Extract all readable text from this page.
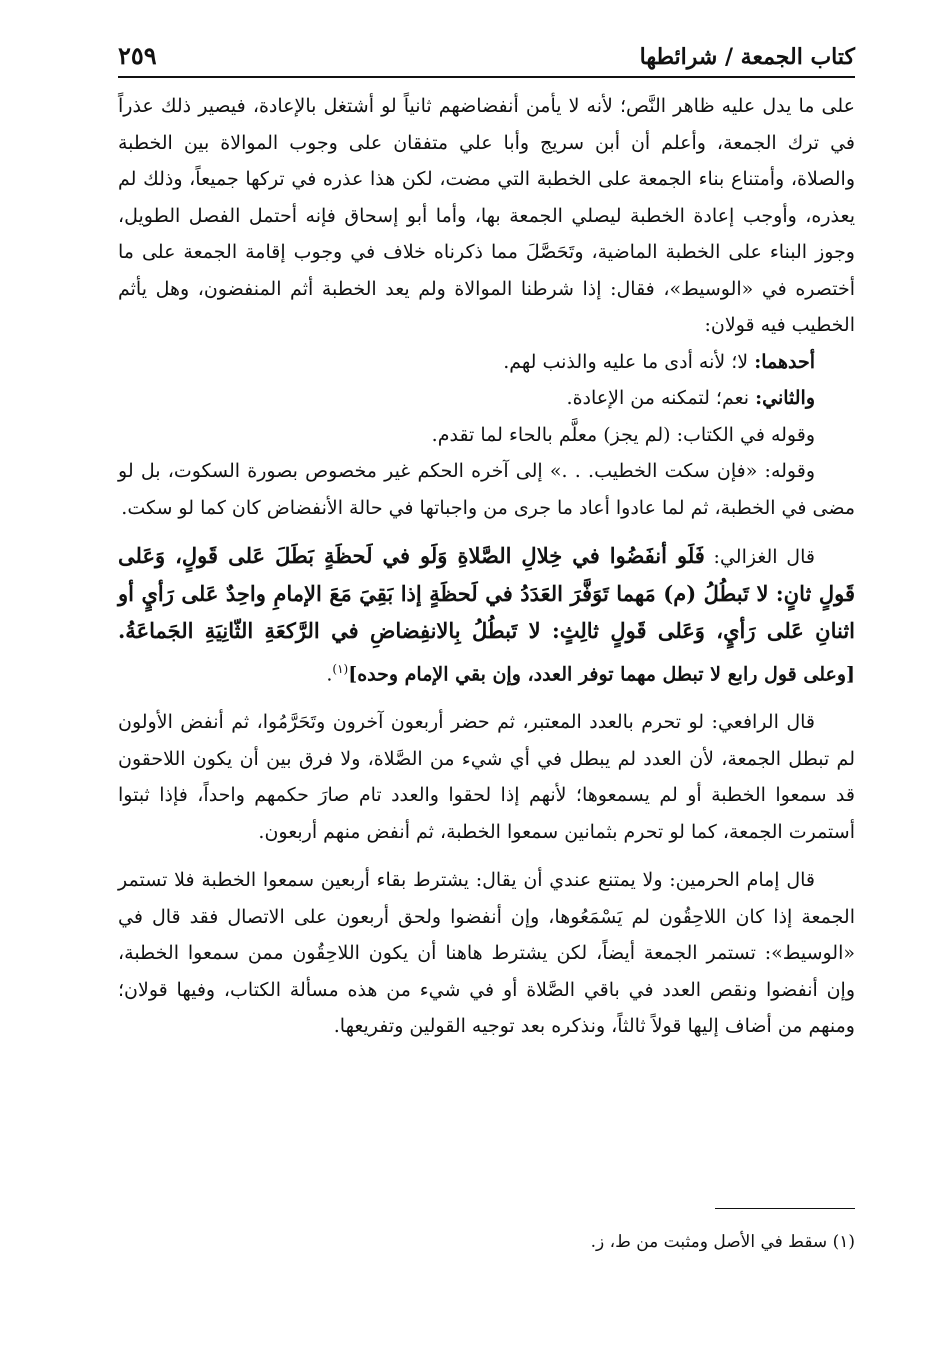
كتاب الجمعة / شرائطها
٢٥٩

على ما يدل عليه ظاهر النَّص؛ لأنه لا يأمن أنفضاضهم ثانياً لو أشتغل بالإعادة، فيصير ذلك عذراً في ترك الجمعة، وأعلم أن أبن سريج وأبا علي متفقان على وجوب الموالاة بين الخطبة والصلاة، وأمتناع بناء الجمعة على الخطبة التي مضت، لكن هذا عذره في تركها جميعاً، وذلك لم يعذره، وأوجب إعادة الخطبة ليصلي الجمعة بها، وأما أبو إسحاق فإنه أحتمل الفصل الطويل، وجوز البناء على الخطبة الماضية، وتَحَصَّلَ مما ذكرناه خلاف في وجوب إقامة الجمعة على ما أختصره في «الوسيط»، فقال: إذا شرطنا الموالاة ولم يعد الخطبة أثم المنفضون، وهل يأثم الخطيب فيه قولان:

أحدهما: لا؛ لأنه أدى ما عليه والذنب لهم.

والثاني: نعم؛ لتمكنه من الإعادة.

وقوله في الكتاب: (لم يجز) معلَّم بالحاء لما تقدم.

وقوله: «فإن سكت الخطيب. . .» إلى آخره الحكم غير مخصوص بصورة السكوت، بل لو مضى في الخطبة، ثم لما عادوا أعاد ما جرى من واجباتها في حالة الأنفضاض كان كما لو سكت.

قال الغزالي: فَلَو أنفَضُوا في خِلالِ الصَّلاةِ وَلَو في لَحظَةٍ بَطَلَ عَلى قَولٍ، وَعَلى قَولٍ ثانٍ: لا تَبطُلُ (م) مَهما تَوَفَّرَ العَدَدُ في لَحظَةٍ إذا بَقِيَ مَعَ الإمامِ واحِدٌ عَلى رَأيٍ أو اثنانِ عَلى رَأيٍ، وَعَلى قَولٍ ثالِثٍ: لا تَبطُلُ بِالانفِضاضِ في الرَّكعَةِ الثّانِيَةِ الجَماعَةُ. [وعلى قول رابع لا تبطل مهما توفر العدد، وإن بقي الإمام وحده]$^{(١)}$.

قال الرافعي: لو تحرم بالعدد المعتبر، ثم حضر أربعون آخرون وتَحَرَّمُوا، ثم أنفض الأولون لم تبطل الجمعة، لأن العدد لم يبطل في أي شيء من الصَّلاة، ولا فرق بين أن يكون اللاحقون قد سمعوا الخطبة أو لم يسمعوها؛ لأنهم إذا لحقوا والعدد تام صارَ حكمهم واحداً، فإذا ثبتوا أستمرت الجمعة، كما لو تحرم بثمانين سمعوا الخطبة، ثم أنفض منهم أربعون.

قال إمام الحرمين: ولا يمتنع عندي أن يقال: يشترط بقاء أربعين سمعوا الخطبة فلا تستمر الجمعة إذا كان اللاحِقُون لم يَسْمَعُوها، وإن أنفضوا ولحق أربعون على الاتصال فقد قال في «الوسيط»: تستمر الجمعة أيضاً، لكن يشترط هاهنا أن يكون اللاحِقُون ممن سمعوا الخطبة، وإن أنفضوا ونقص العدد في باقي الصَّلاة أو في شيء من هذه مسألة الكتاب، وفيها قولان؛ ومنهم من أضاف إليها قولاً ثالثاً، ونذكره بعد توجيه القولين وتفريعها.

(١) سقط في الأصل ومثبت من ط، ز.
